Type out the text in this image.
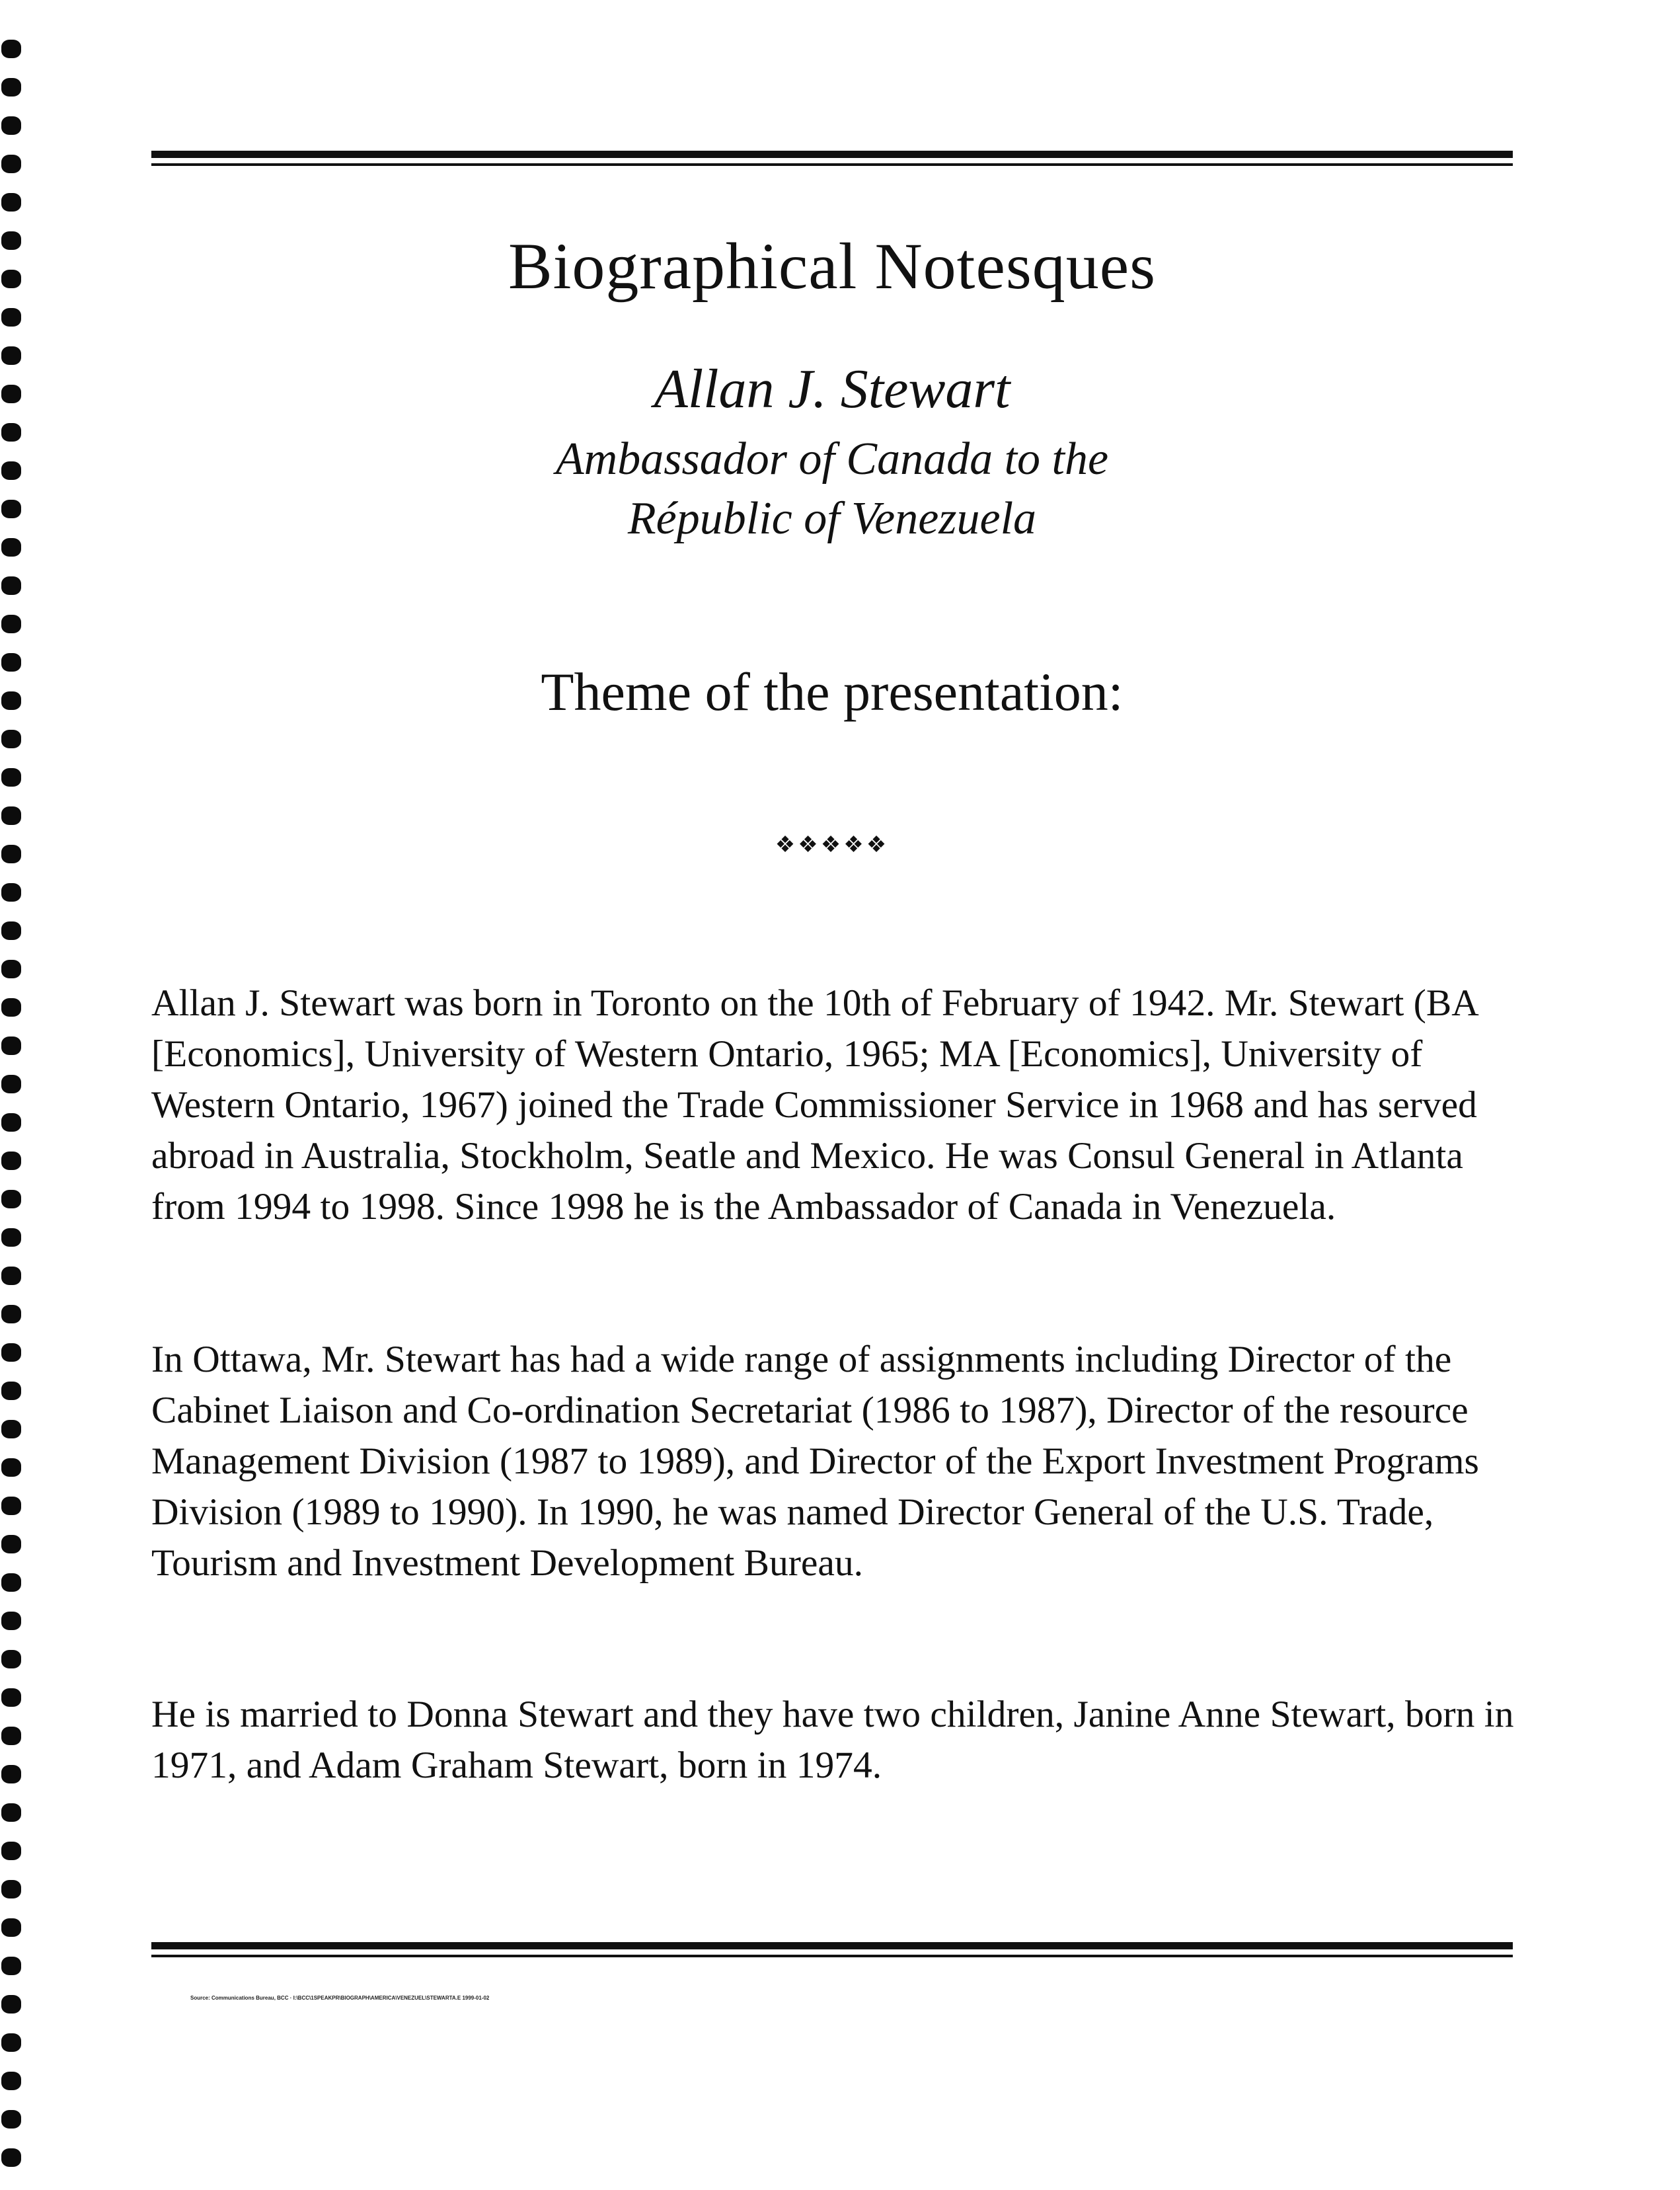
Biographical Notesques
Allan J. Stewart
Ambassador of Canada to the
Républic of Venezuela
Theme of the presentation:
❖❖❖❖❖

Allan J. Stewart was born in Toronto on the 10th of February of 1942. Mr. Stewart (BA [Economics], University of Western Ontario, 1965; MA [Economics], University of Western Ontario, 1967) joined the Trade Commissioner Service in 1968 and has served abroad in Australia, Stockholm, Seatle and Mexico. He was Consul General in Atlanta from 1994 to 1998. Since 1998 he is the Ambassador of Canada in Venezuela.

In Ottawa, Mr. Stewart has had a wide range of assignments including Director of the Cabinet Liaison and Co-ordination Secretariat (1986 to 1987), Director of the resource Management Division (1987 to 1989), and Director of the Export Investment Programs Division (1989 to 1990). In 1990, he was named Director General of the U.S. Trade, Tourism and Investment Development Bureau.

He is married to Donna Stewart and they have two children, Janine Anne Stewart, born in 1971, and Adam Graham Stewart, born in 1974.

Source: Communications Bureau, BCC · I:\BCC\1SPEAKPR\BIOGRAPH\AMERICA\VENEZUEL\STEWARTA.E 1999-01-02
